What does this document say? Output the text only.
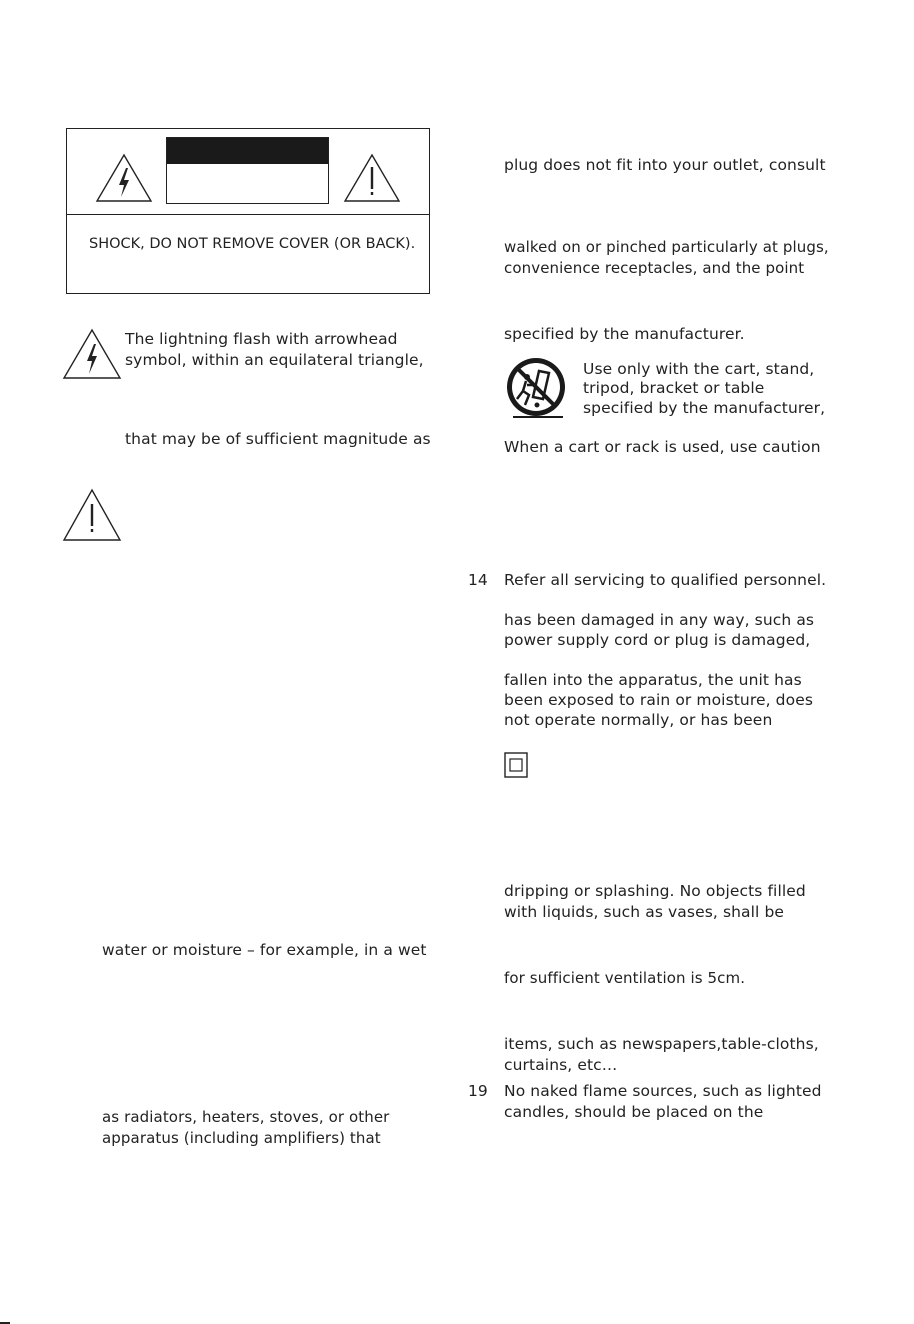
SHOCK, DO NOT REMOVE COVER (OR BACK).
The lightning flash with arrowhead
symbol, within an equilateral triangle,
that may be of sufficient magnitude as
water or moisture – for example, in a wet
as radiators, heaters, stoves, or other
apparatus (including amplifiers) that
plug does not fit into your outlet, consult
walked on or pinched particularly at plugs,
convenience receptacles, and the point
specified by the manufacturer.
Use only with the cart, stand,
tripod, bracket or table
specified by the manufacturer,
When a cart or rack is used, use caution
14 Refer all servicing to qualified personnel.
has been damaged in any way, such as
power supply cord or plug is damaged,
fallen into the apparatus, the unit has
been exposed to rain or moisture, does
not operate normally, or has been
dripping or splashing. No objects filled
with liquids, such as vases, shall be
for sufficient ventilation is 5cm.
items, such as newspapers,table-cloths,
curtains, etc…
19 No naked flame sources, such as lighted
candles, should be placed on the
